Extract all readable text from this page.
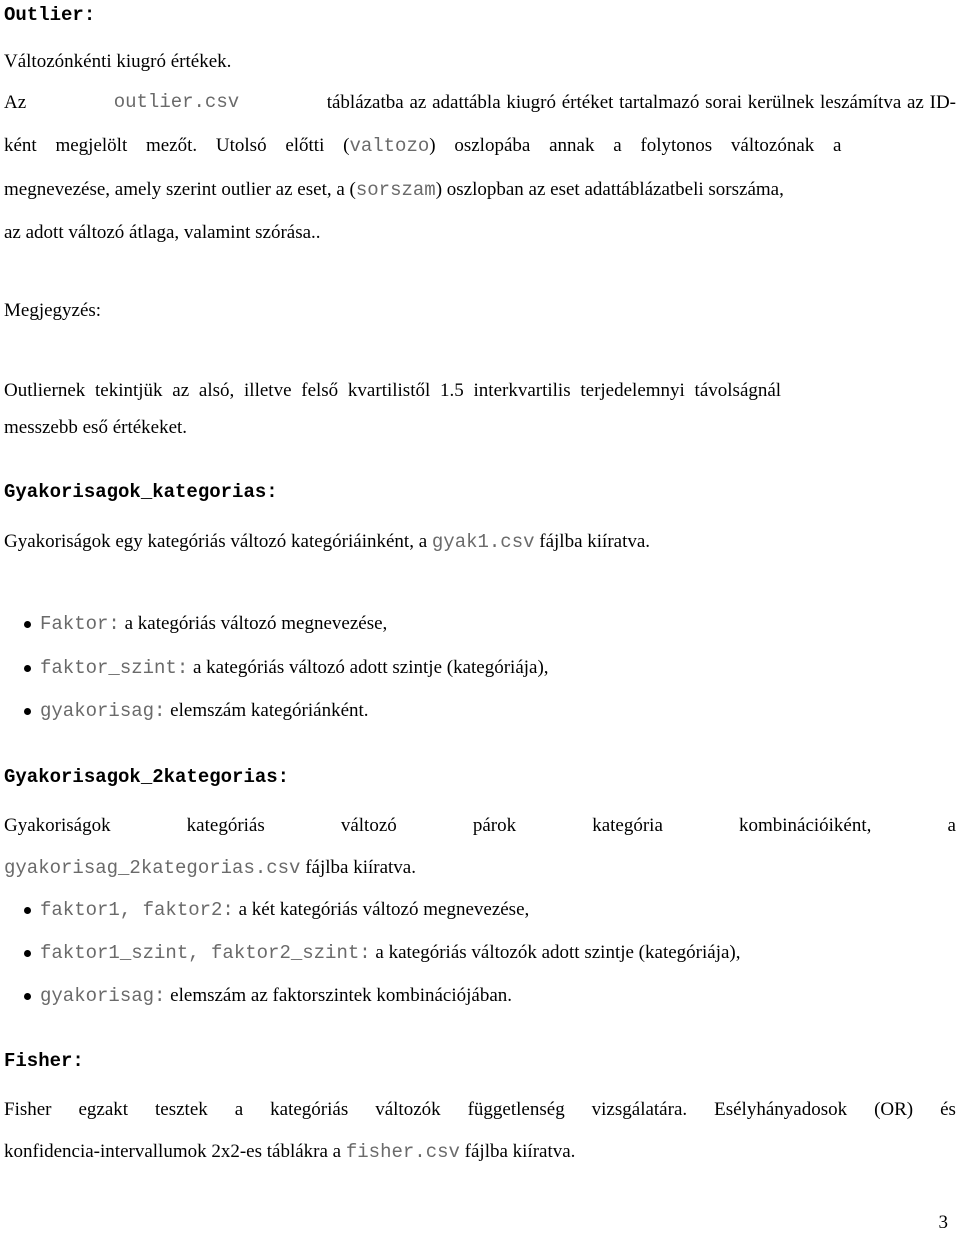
Outlier:
Változónkénti kiugró értékek.
Az	outlier.csv	táblázatba az adattábla kiugró értéket tartalmazó sorai kerülnek leszámítva az ID-
ként megjelölt mezőt. Utolsó előtti (valtozo) oszlopába annak a folytonos változónak a
megnevezése, amely szerint outlier az eset, a (sorszam) oszlopban az eset adattáblázatbeli sorszáma,
az adott változó átlaga, valamint szórása..
Megjegyzés:
Outliernek tekintjük az alsó, illetve felső kvartilistől 1.5 interkvartilis terjedelemnyi távolságnál
messzebb eső értékeket.
Gyakorisagok_kategorias:
Gyakoriságok egy kategóriás változó kategóriáinként, a gyak1.csv fájlba kiíratva.
Faktor: a kategóriás változó megnevezése,
faktor_szint: a kategóriás változó adott szintje (kategóriája),
gyakorisag: elemszám kategóriánként.
Gyakorisagok_2kategorias:
Gyakoriságok	kategóriás	változó	párok	kategória	kombinációiként,	a
gyakorisag_2kategorias.csv fájlba kiíratva.
faktor1, faktor2: a két kategóriás változó megnevezése,
faktor1_szint, faktor2_szint: a kategóriás változók adott szintje (kategóriája),
gyakorisag: elemszám az faktorszintek kombinációjában.
Fisher:
Fisher egzakt tesztek a kategóriás változók függetlenség vizsgálatára. Esélyhányadosok (OR) és
konfidencia-intervallumok 2x2-es táblákra a fisher.csv fájlba kiíratva.
3
